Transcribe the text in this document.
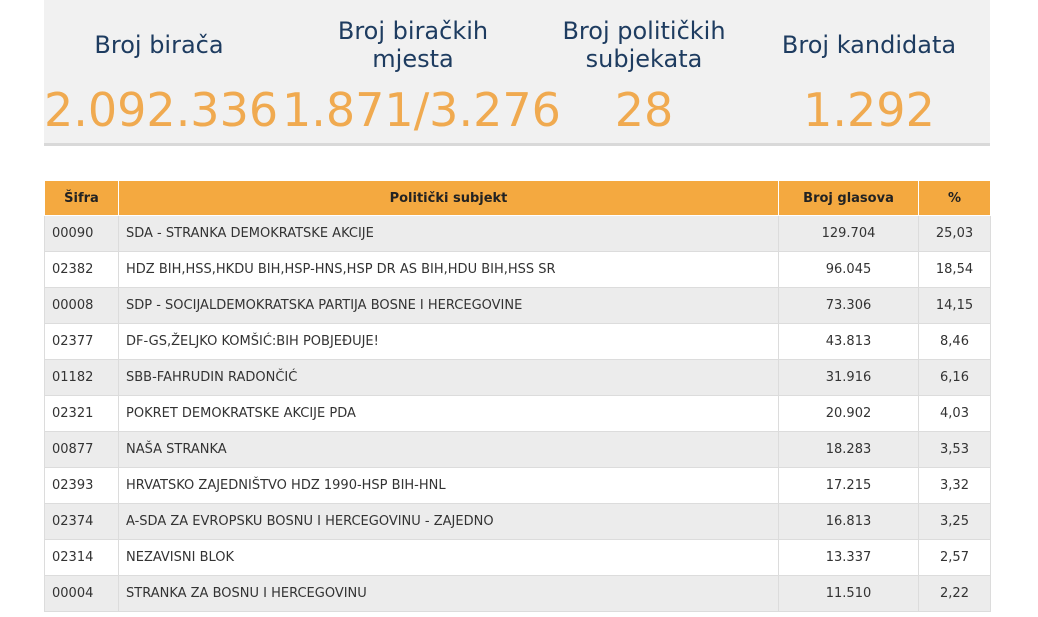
Broj birača
2.092.336
Broj biračkih mjesta
1.871/3.276
Broj političkih subjekata
28
Broj kandidata
1.292
Šifra	Politički subjekt	Broj glasova	%
00090	SDA - STRANKA DEMOKRATSKE AKCIJE	129.704	25,03
02382	HDZ BIH,HSS,HKDU BIH,HSP-HNS,HSP DR AS BIH,HDU BIH,HSS SR	96.045	18,54
00008	SDP - SOCIJALDEMOKRATSKA PARTIJA BOSNE I HERCEGOVINE	73.306	14,15
02377	DF-GS,ŽELJKO KOMŠIĆ:BIH POBJEĐUJE!	43.813	8,46
01182	SBB-FAHRUDIN RADONČIĆ	31.916	6,16
02321	POKRET DEMOKRATSKE AKCIJE PDA	20.902	4,03
00877	NAŠA STRANKA	18.283	3,53
02393	HRVATSKO ZAJEDNIŠTVO HDZ 1990-HSP BIH-HNL	17.215	3,32
02374	A-SDA ZA EVROPSKU BOSNU I HERCEGOVINU - ZAJEDNO	16.813	3,25
02314	NEZAVISNI BLOK	13.337	2,57
00004	STRANKA ZA BOSNU I HERCEGOVINU	11.510	2,22
